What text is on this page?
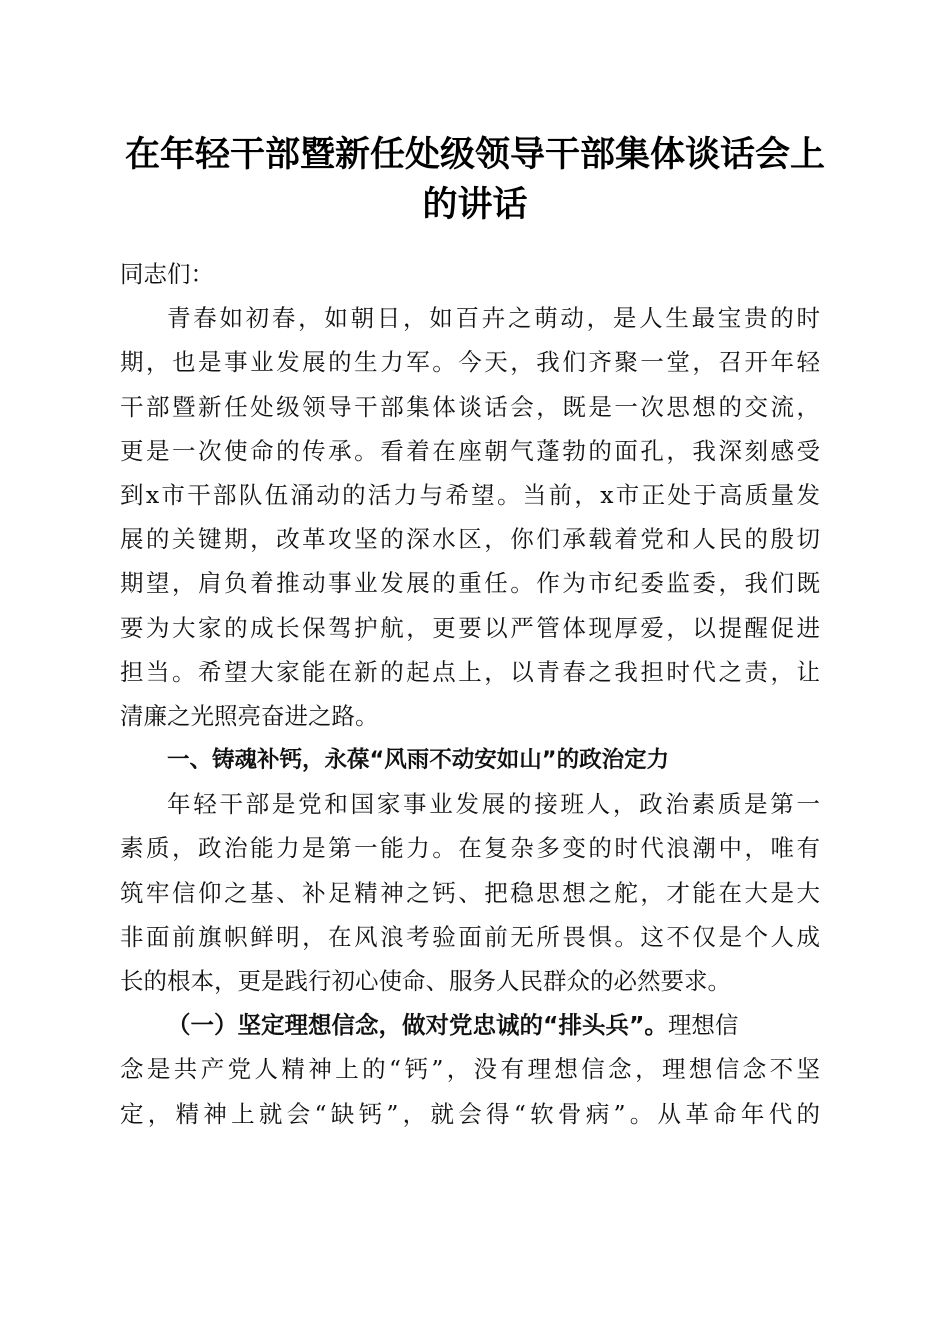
在年轻干部暨新任处级领导干部集体谈话会上
的讲话
同志们：
青春如初春，如朝日，如百卉之萌动，是人生最宝贵的时
期，也是事业发展的生力军。今天，我们齐聚一堂，召开年轻
干部暨新任处级领导干部集体谈话会，既是一次思想的交流，
更是一次使命的传承。看着在座朝气蓬勃的面孔，我深刻感受
到x市干部队伍涌动的活力与希望。当前，x市正处于高质量发
展的关键期，改革攻坚的深水区，你们承载着党和人民的殷切
期望，肩负着推动事业发展的重任。作为市纪委监委，我们既
要为大家的成长保驾护航，更要以严管体现厚爱，以提醒促进
担当。希望大家能在新的起点上，以青春之我担时代之责，让
清廉之光照亮奋进之路。
一、铸魂补钙，永葆“风雨不动安如山”的政治定力
年轻干部是党和国家事业发展的接班人，政治素质是第一
素质，政治能力是第一能力。在复杂多变的时代浪潮中，唯有
筑牢信仰之基、补足精神之钙、把稳思想之舵，才能在大是大
非面前旗帜鲜明，在风浪考验面前无所畏惧。这不仅是个人成
长的根本，更是践行初心使命、服务人民群众的必然要求。
（一）坚定理想信念，做对党忠诚的“排头兵”。理想信
念是共产党人精神上的“钙”，没有理想信念，理想信念不坚
定，精神上就会“缺钙”，就会得“软骨病”。从革命年代的
